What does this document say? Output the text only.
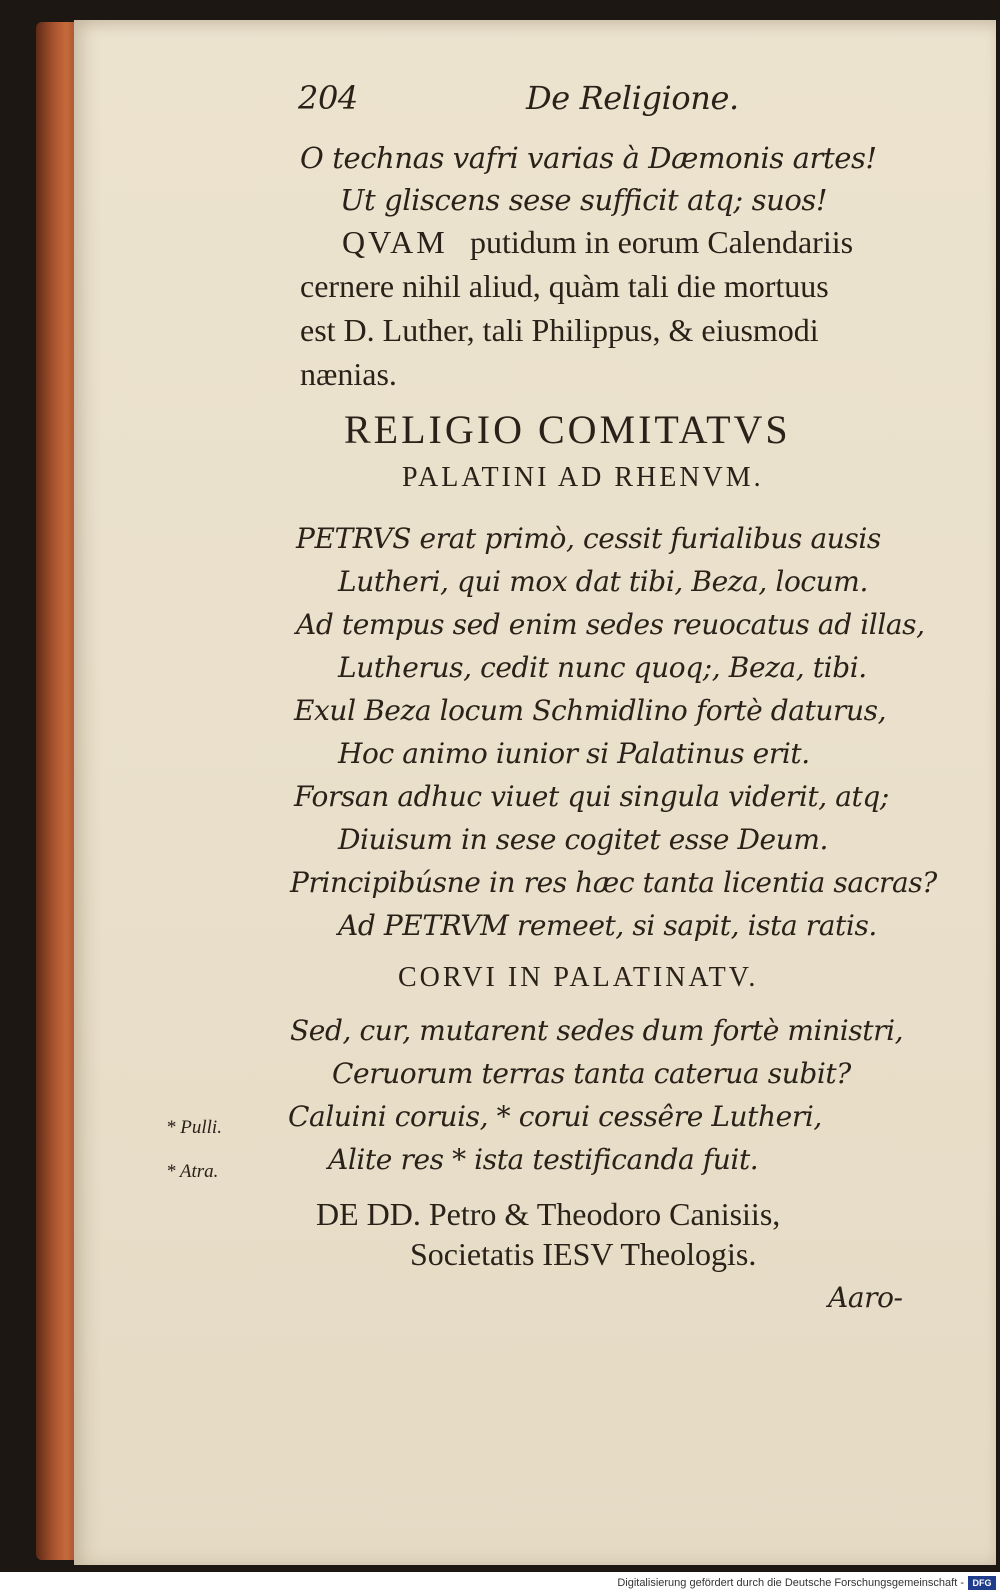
204	De Religione.
O technas vafri varias à Dæmonis artes!
Ut gliscens sese sufficit atq; suos!
QVAM putidum in eorum Calendariis
cernere nihil aliud, quàm tali die mortuus
est D. Luther, tali Philippus, & eiusmodi
nænias.
RELIGIO COMITATVS
PALATINI AD RHENVM.
PETRVS erat primò, cessit furialibus ausis
Lutheri, qui mox dat tibi, Beza, locum.
Ad tempus sed enim sedes reuocatus ad illas,
Lutherus, cedit nunc quoq;, Beza, tibi.
Exul Beza locum Schmidlino fortè daturus,
Hoc animo iunior si Palatinus erit.
Forsan adhuc viuet qui singula viderit, atq;
Diuisum in sese cogitet esse Deum.
Principibúsne in res hæc tanta licentia sacras?
Ad PETRVM remeet, si sapit, ista ratis.
CORVI IN PALATINATV.
Sed, cur, mutarent sedes dum fortè ministri,
Ceruorum terras tanta caterua subit?
Caluini coruis, * corui cessêre Lutheri,
Alite res * ista testificanda fuit.
* Pulli.
* Atra.
DE DD. Petro & Theodoro Canisiis,
Societatis IESV Theologis.
Aaro-
Digitalisierung gefördert durch die Deutsche Forschungsgemeinschaft - DFG
